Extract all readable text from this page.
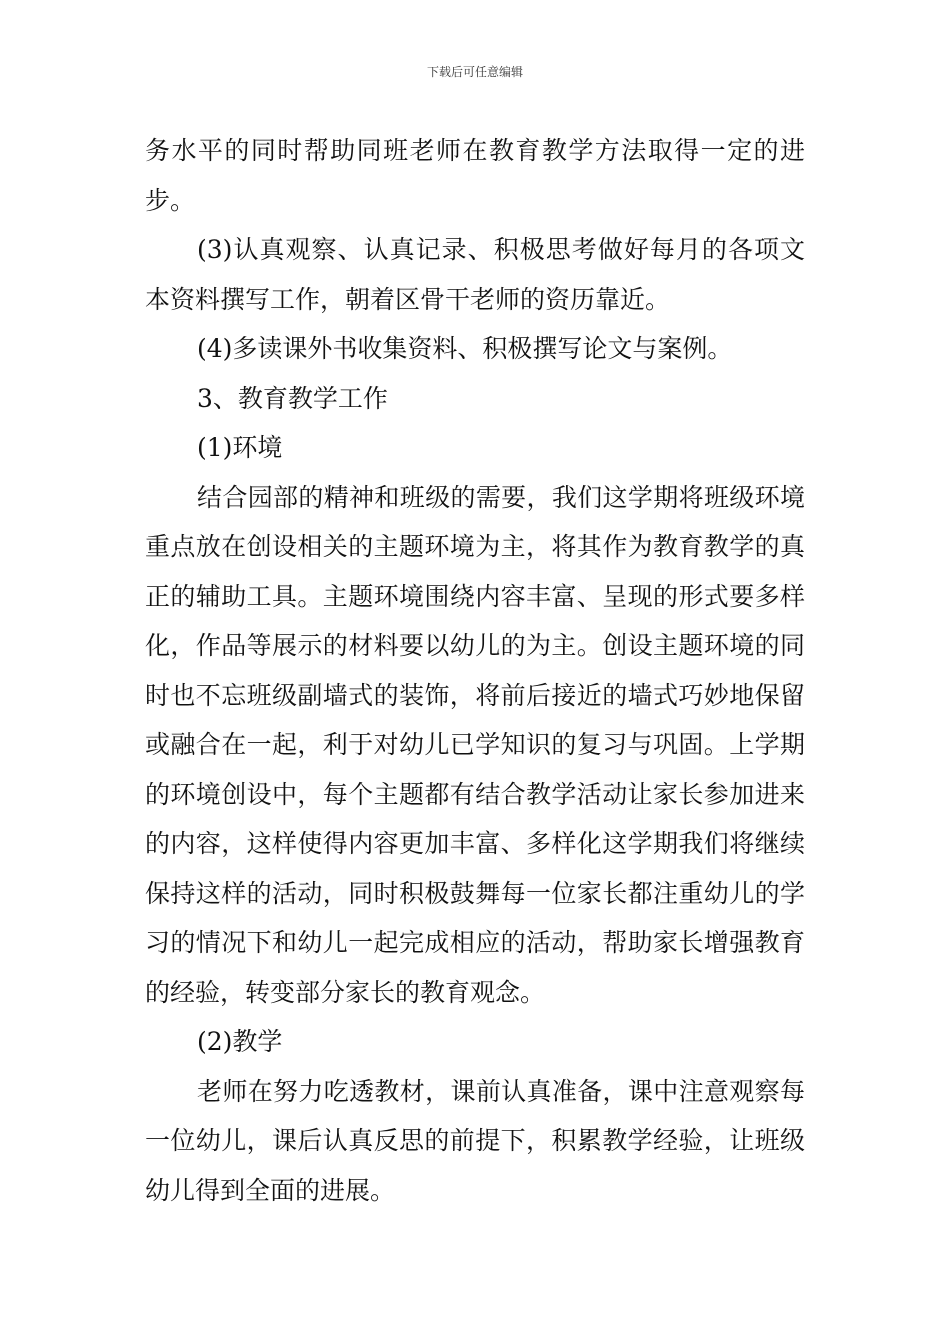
下载后可任意编辑

务水平的同时帮助同班老师在教育教学方法取得一定的进步。

(3)认真观察、认真记录、积极思考做好每月的各项文本资料撰写工作，朝着区骨干老师的资历靠近。

(4)多读课外书收集资料、积极撰写论文与案例。

3、教育教学工作

(1)环境

结合园部的精神和班级的需要，我们这学期将班级环境重点放在创设相关的主题环境为主，将其作为教育教学的真正的辅助工具。主题环境围绕内容丰富、呈现的形式要多样化，作品等展示的材料要以幼儿的为主。创设主题环境的同时也不忘班级副墙式的装饰，将前后接近的墙式巧妙地保留或融合在一起，利于对幼儿已学知识的复习与巩固。上学期的环境创设中，每个主题都有结合教学活动让家长参加进来的内容，这样使得内容更加丰富、多样化这学期我们将继续保持这样的活动，同时积极鼓舞每一位家长都注重幼儿的学习的情况下和幼儿一起完成相应的活动，帮助家长增强教育的经验，转变部分家长的教育观念。

(2)教学

老师在努力吃透教材，课前认真准备，课中注意观察每一位幼儿，课后认真反思的前提下，积累教学经验，让班级幼儿得到全面的进展。
